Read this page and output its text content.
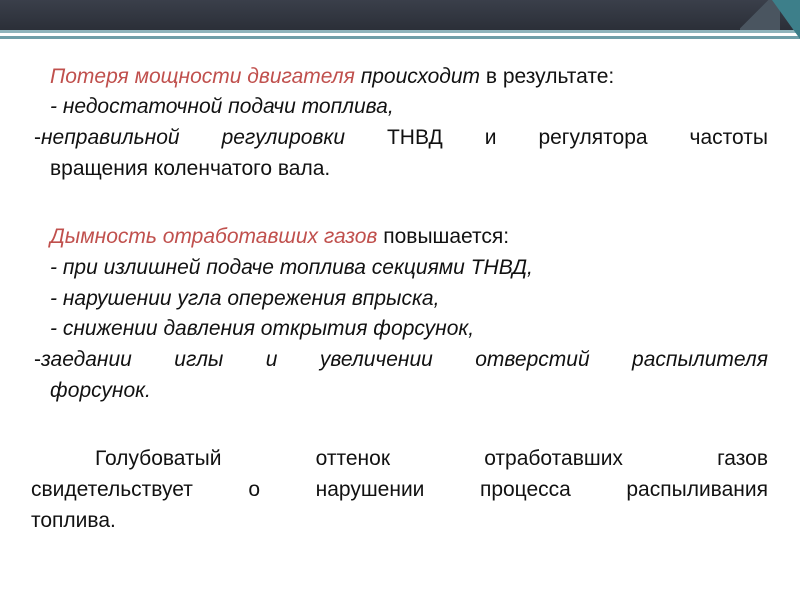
Потеря мощности двигателя происходит в результате:
- недостаточной подачи топлива,
-неправильной регулировки ТНВД и регулятора частоты
вращения коленчатого вала.
Дымность отработавших газов повышается:
- при излишней подаче топлива секциями ТНВД,
- нарушении угла опережения впрыска,
- снижении давления открытия форсунок,
-заедании иглы и увеличении отверстий распылителя
форсунок.
Голубоватый	оттенок	отработавших	газов
свидетельствует	о	нарушении	процесса	распыливания
топлива.
